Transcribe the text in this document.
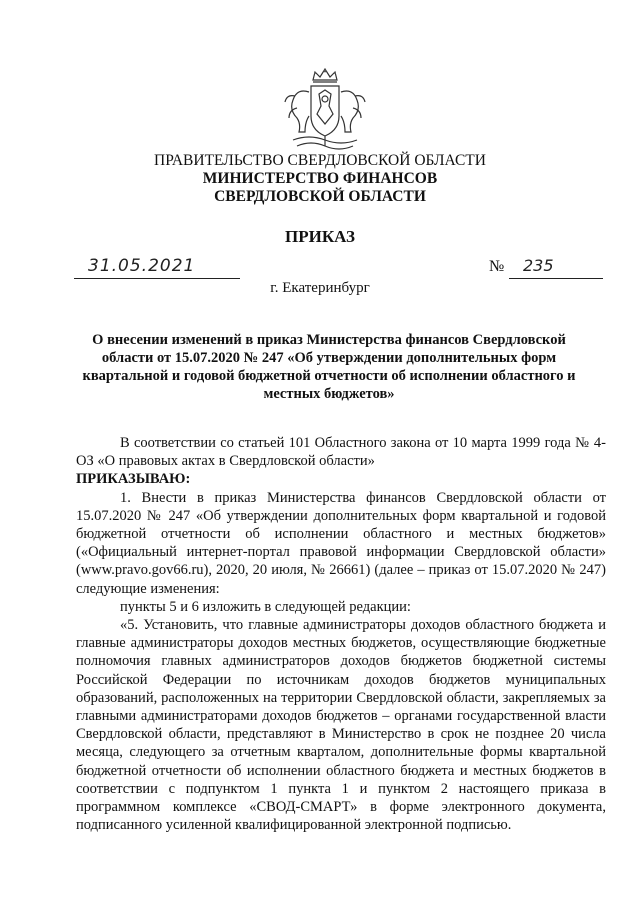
ПРАВИТЕЛЬСТВО СВЕРДЛОВСКОЙ ОБЛАСТИ
МИНИСТЕРСТВО ФИНАНСОВ
СВЕРДЛОВСКОЙ ОБЛАСТИ
ПРИКАЗ
31.05.2021	№ 235
г. Екатеринбург
О внесении изменений в приказ Министерства финансов Свердловской области от 15.07.2020 № 247 «Об утверждении дополнительных форм квартальной и годовой бюджетной отчетности об исполнении областного и местных бюджетов»

В соответствии со статьей 101 Областного закона от 10 марта 1999 года № 4-ОЗ «О правовых актах в Свердловской области»

ПРИКАЗЫВАЮ:

1. Внести в приказ Министерства финансов Свердловской области от 15.07.2020 № 247 «Об утверждении дополнительных форм квартальной и годовой бюджетной отчетности об исполнении областного и местных бюджетов» («Официальный интернет-портал правовой информации Свердловской области» (www.pravo.gov66.ru), 2020, 20 июля, № 26661) (далее – приказ от 15.07.2020 № 247) следующие изменения:

пункты 5 и 6 изложить в следующей редакции:

«5. Установить, что главные администраторы доходов областного бюджета и главные администраторы доходов местных бюджетов, осуществляющие бюджетные полномочия главных администраторов доходов бюджетов бюджетной системы Российской Федерации по источникам доходов бюджетов муниципальных образований, расположенных на территории Свердловской области, закрепляемых за главными администраторами доходов бюджетов – органами государственной власти Свердловской области, представляют в Министерство в срок не позднее 20 числа месяца, следующего за отчетным кварталом, дополнительные формы квартальной бюджетной отчетности об исполнении областного бюджета и местных бюджетов в соответствии с подпунктом 1 пункта 1 и пунктом 2 настоящего приказа в программном комплексе «СВОД-СМАРТ» в форме электронного документа, подписанного усиленной квалифицированной электронной подписью.
